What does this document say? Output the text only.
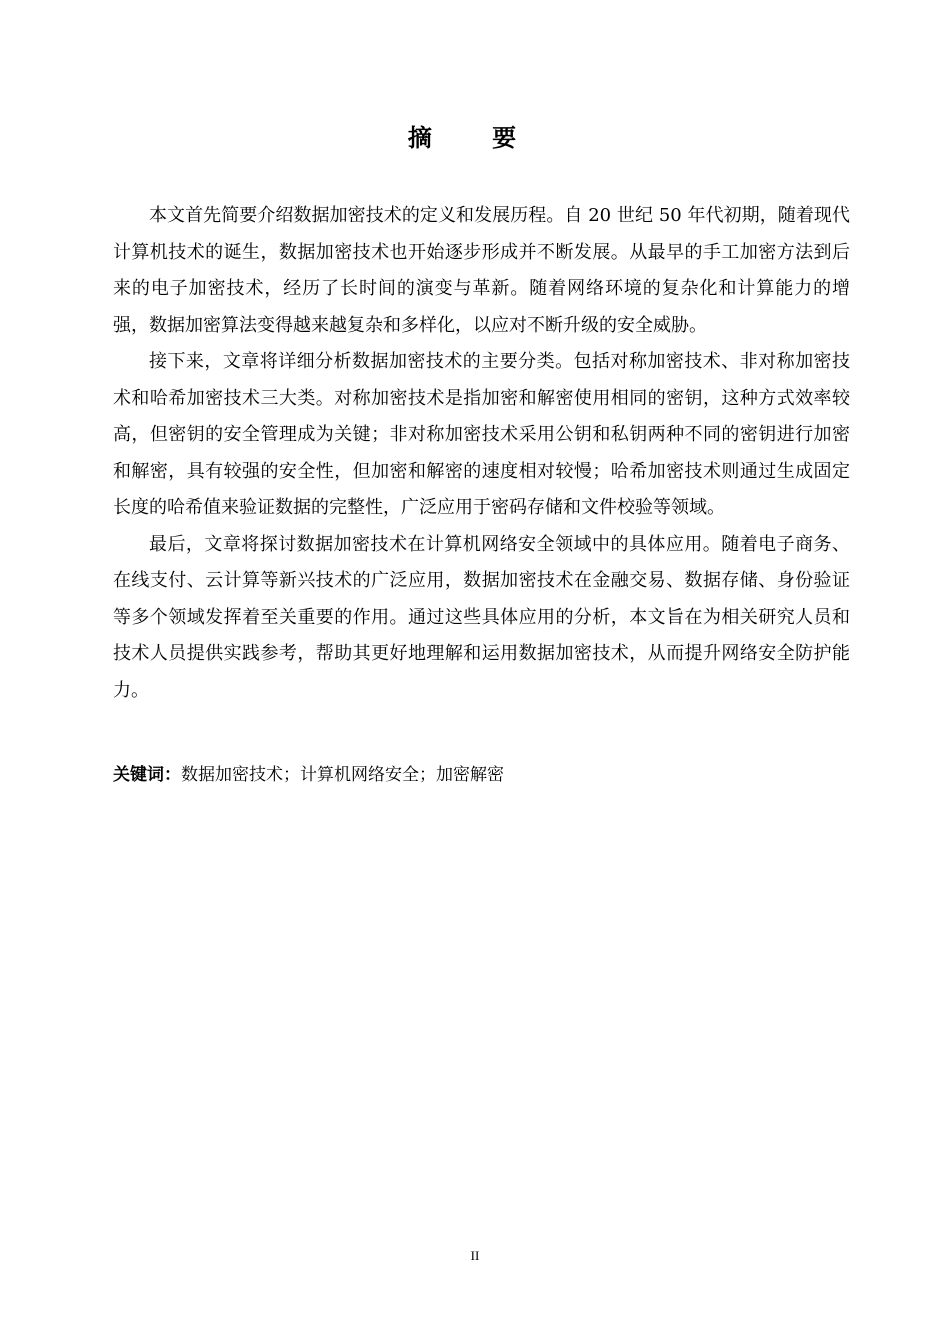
摘 要

本文首先简要介绍数据加密技术的定义和发展历程。自 20 世纪 50 年代初期，随着现代计算机技术的诞生，数据加密技术也开始逐步形成并不断发展。从最早的手工加密方法到后来的电子加密技术，经历了长时间的演变与革新。随着网络环境的复杂化和计算能力的增强，数据加密算法变得越来越复杂和多样化，以应对不断升级的安全威胁。

接下来，文章将详细分析数据加密技术的主要分类。包括对称加密技术、非对称加密技术和哈希加密技术三大类。对称加密技术是指加密和解密使用相同的密钥，这种方式效率较高，但密钥的安全管理成为关键；非对称加密技术采用公钥和私钥两种不同的密钥进行加密和解密，具有较强的安全性，但加密和解密的速度相对较慢；哈希加密技术则通过生成固定长度的哈希值来验证数据的完整性，广泛应用于密码存储和文件校验等领域。

最后，文章将探讨数据加密技术在计算机网络安全领域中的具体应用。随着电子商务、在线支付、云计算等新兴技术的广泛应用，数据加密技术在金融交易、数据存储、身份验证等多个领域发挥着至关重要的作用。通过这些具体应用的分析，本文旨在为相关研究人员和技术人员提供实践参考，帮助其更好地理解和运用数据加密技术，从而提升网络安全防护能力。

关键词：数据加密技术；计算机网络安全；加密解密
II
